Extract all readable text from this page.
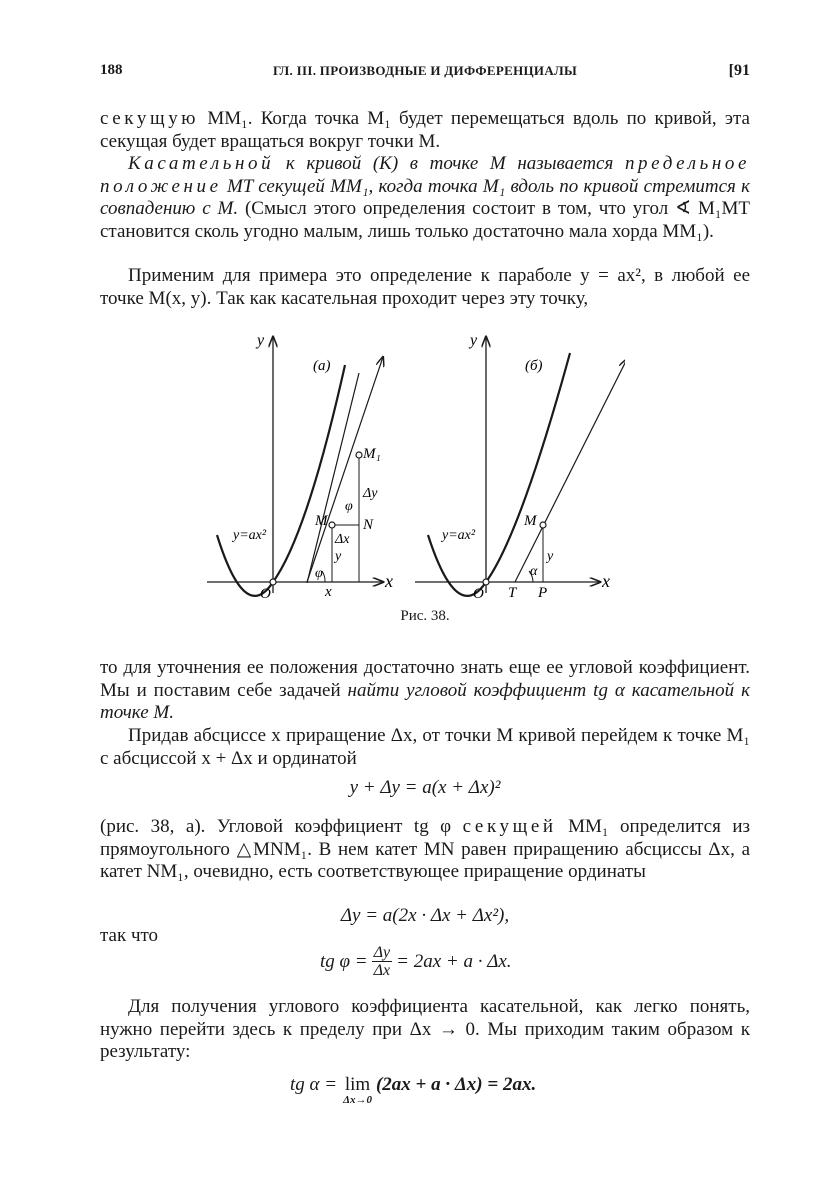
188	ГЛ. III. ПРОИЗВОДНЫЕ И ДИФФЕРЕНЦИАЛЫ	[91
секущую MM₁. Когда точка M₁ будет перемещаться вдоль по кривой, эта секущая будет вращаться вокруг точки M.
Касательной к кривой (K) в точке M называется предельное положение MT секущей MM₁, когда точка M₁ вдоль по кривой стремится к совпадению с M. (Смысл этого определения состоит в том, что угол ∢ M₁MT становится сколь угодно малым, лишь только достаточно мала хорда MM₁).
Применим для примера это определение к параболе y = ax², в любой ее точке M(x, y). Так как касательная проходит через эту точку,
y
x
(а)
y=ax²
O	x
M
M₁
N
Δx
Δy
φ
φ
y
y
x
(б)
y=ax²
O T P
M
α
y
Рис. 38.
то для уточнения ее положения достаточно знать еще ее угловой коэффициент. Мы и поставим себе задачей найти угловой коэффициент tg α касательной к точке M.
Придав абсциссе x приращение Δx, от точки M кривой перейдем к точке M₁ с абсциссой x + Δx и ординатой
y + Δy = a(x + Δx)²
(рис. 38, а). Угловой коэффициент tg φ секущей MM₁ определится из прямоугольного △MNM₁. В нем катет MN равен приращению абсциссы Δx, а катет NM₁, очевидно, есть соответствующее приращение ординаты
Δy = a(2x · Δx + Δx²),
так что
tg $\varphi = \frac{\Delta y}{\Delta x} = 2ax + a \cdot \Delta x$.
Для получения углового коэффициента касательной, как легко понять, нужно перейти здесь к пределу при Δx → 0. Мы приходим таким образом к результату:
tg α = lim
Δx→0
(2ax + a · Δx) = 2ax.
